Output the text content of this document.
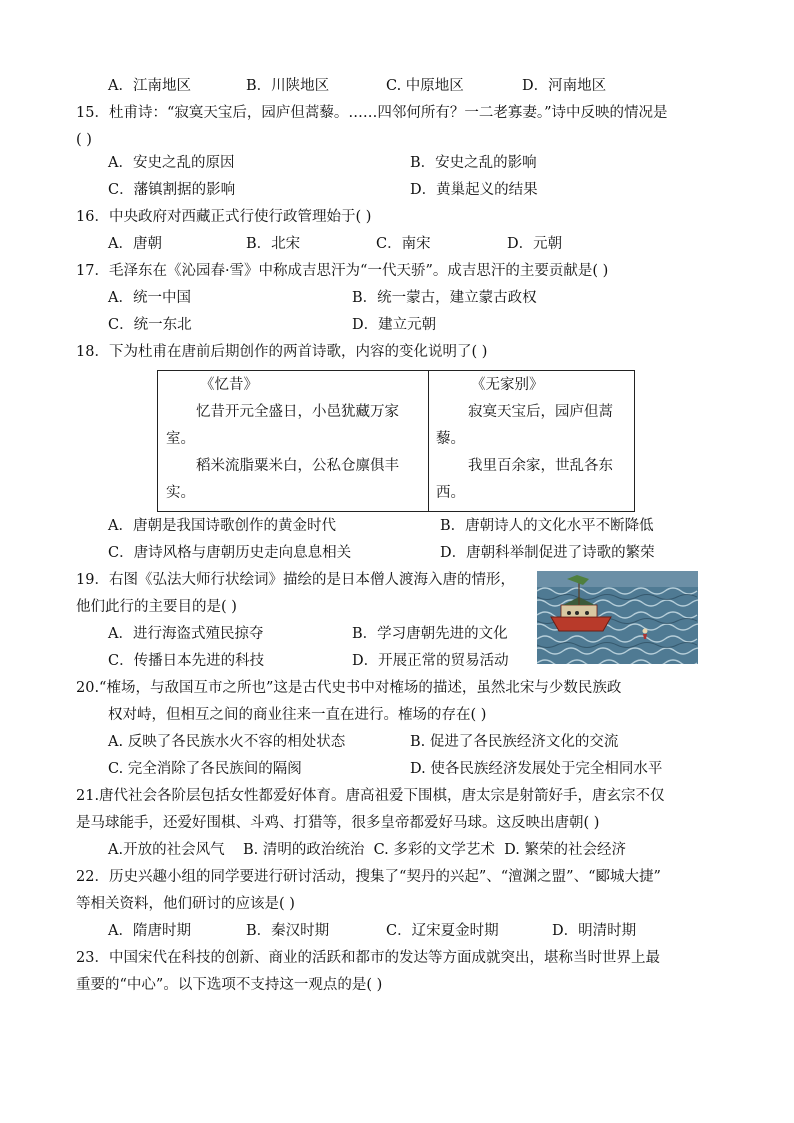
A．江南地区	B．川陕地区	C. 中原地区	D．河南地区
15．杜甫诗：“寂寞天宝后，园庐但蒿藜。……四邻何所有？一二老寡妻。”诗中反映的情况是
( )
A．安史之乱的原因	B．安史之乱的影响
C．藩镇割据的影响	D．黄巢起义的结果
16．中央政府对西藏正式行使行政管理始于( )
A．唐朝	B．北宋	C．南宋	D．元朝
17．毛泽东在《沁园春·雪》中称成吉思汗为“一代天骄”。成吉思汗的主要贡献是( )
A．统一中国	B．统一蒙古，建立蒙古政权
C．统一东北	D．建立元朝
18．下为杜甫在唐前后期创作的两首诗歌，内容的变化说明了( )
《忆昔》
忆昔开元全盛日，小邑犹藏万家
室。
稻米流脂粟米白，公私仓廪俱丰
实。
《无家别》
寂寞天宝后，园庐但蒿
藜。
我里百余家，世乱各东
西。
A．唐朝是我国诗歌创作的黄金时代	B．唐朝诗人的文化水平不断降低
C．唐诗风格与唐朝历史走向息息相关	D．唐朝科举制促进了诗歌的繁荣
19．右图《弘法大师行状绘词》描绘的是日本僧人渡海入唐的情形，
他们此行的主要目的是( )
A．进行海盗式殖民掠夺	B．学习唐朝先进的文化
C．传播日本先进的科技	D．开展正常的贸易活动
20.“榷场，与敌国互市之所也”这是古代史书中对榷场的描述，虽然北宋与少数民族政
权对峙，但相互之间的商业往来一直在进行。榷场的存在( )
A. 反映了各民族水火不容的相处状态	B. 促进了各民族经济文化的交流
C. 完全消除了各民族间的隔阂	D. 使各民族经济发展处于完全相同水平
21.唐代社会各阶层包括女性都爱好体育。唐高祖爱下围棋，唐太宗是射箭好手，唐玄宗不仅
是马球能手，还爱好围棋、斗鸡、打猎等，很多皇帝都爱好马球。这反映出唐朝( )
A.开放的社会风气    B. 清明的政治统治  C. 多彩的文学艺术  D. 繁荣的社会经济
22．历史兴趣小组的同学要进行研讨活动，搜集了“契丹的兴起”、“澶渊之盟”、“郾城大捷”
等相关资料，他们研讨的应该是( )
A．隋唐时期	B．秦汉时期	C．辽宋夏金时期	D．明清时期
23．中国宋代在科技的创新、商业的活跃和都市的发达等方面成就突出，堪称当时世界上最
重要的“中心”。以下选项不支持这一观点的是( )
